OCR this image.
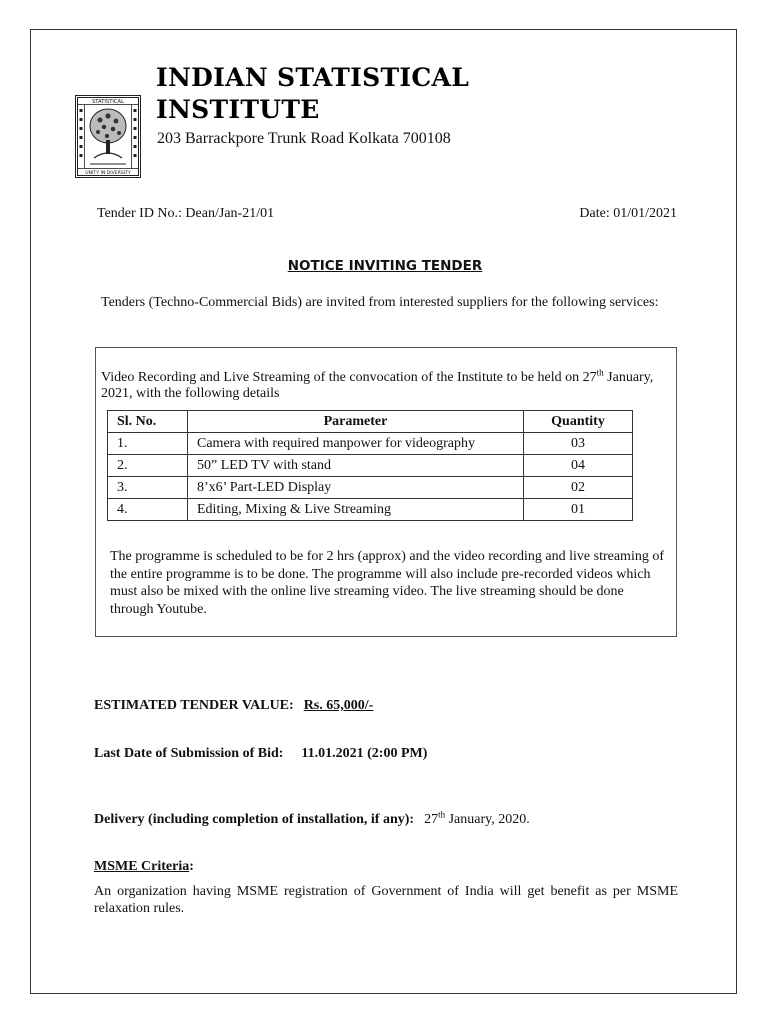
STATISTICAL
UNITY IN DIVERSITY
INDIAN STATISTICAL
INSTITUTE
203 Barrackpore Trunk Road Kolkata 700108
Tender ID No.: Dean/Jan-21/01	Date: 01/01/2021
NOTICE INVITING TENDER
Tenders (Techno-Commercial Bids) are invited from interested suppliers for the following services:
Video Recording and Live Streaming of the convocation of the Institute to be held on 27th January, 2021, with the following details
Sl. No.	Parameter	Quantity
1.	Camera with required manpower for videography	03
2.	50” LED TV with stand	04
3.	8’x6’ Part-LED Display	02
4.	Editing, Mixing & Live Streaming	01
The programme is scheduled to be for 2 hrs (approx) and the video recording and live streaming of the entire programme is to be done. The programme will also include pre-recorded videos which must also be mixed with the online live streaming video. The live streaming should be done through Youtube.
ESTIMATED TENDER VALUE: Rs. 65,000/-
Last Date of Submission of Bid: 11.01.2021 (2:00 PM)
Delivery (including completion of installation, if any): 27th January, 2020.
MSME Criteria:
An organization having MSME registration of Government of India will get benefit as per MSME relaxation rules.
